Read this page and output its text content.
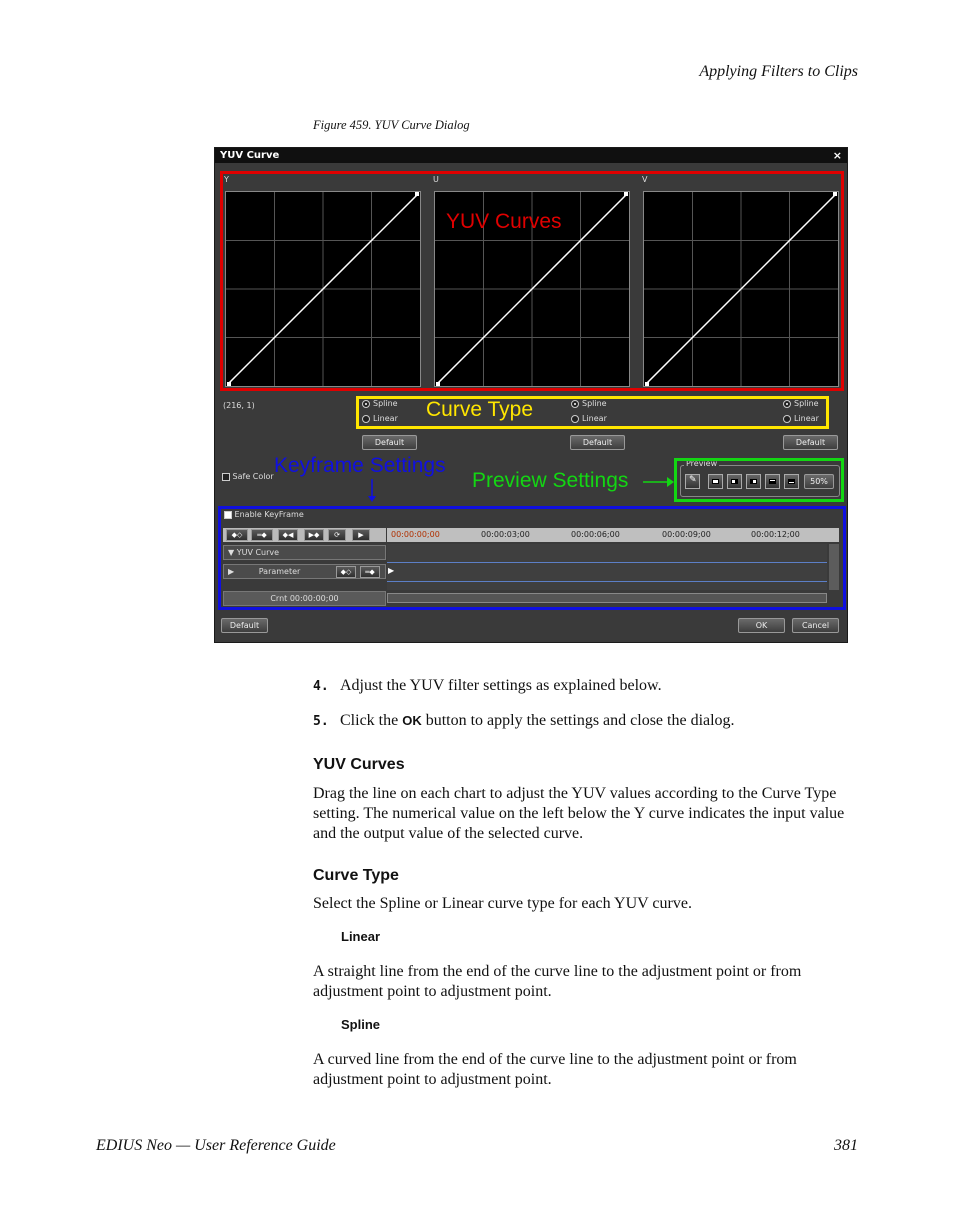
Applying Filters to Clips
Figure 459. YUV Curve Dialog
YUV Curve	×
Y	U	V
YUV Curves
(216, 1)	Spline
Linear
Spline
Linear
Spline
Linear
Curve Type
Default	Default	Default
Safe Color Keyframe Settings
Preview Settings
Preview
✎	50%
Enable KeyFrame
◆◇	═◆	◆◀	▶◆	⟳	▶	00:00:00;00	00:00:03;00	00:00:06;00	00:00:09;00	00:00:12;00
▼ YUV Curve
▶	Parameter	◆◇	═◆
Crnt 00:00:00;00
▶
Default	OK	Cancel
4. Adjust the YUV filter settings as explained below.
5. Click the OK button to apply the settings and close the dialog.
YUV Curves
Drag the line on each chart to adjust the YUV values according to the Curve Type setting. The numerical value on the left below the Y curve indicates the input value and the output value of the selected curve.
Curve Type
Select the Spline or Linear curve type for each YUV curve.
Linear
A straight line from the end of the curve line to the adjustment point or from adjustment point to adjustment point.
Spline
A curved line from the end of the curve line to the adjustment point or from adjustment point to adjustment point.
EDIUS Neo — User Reference Guide	381
